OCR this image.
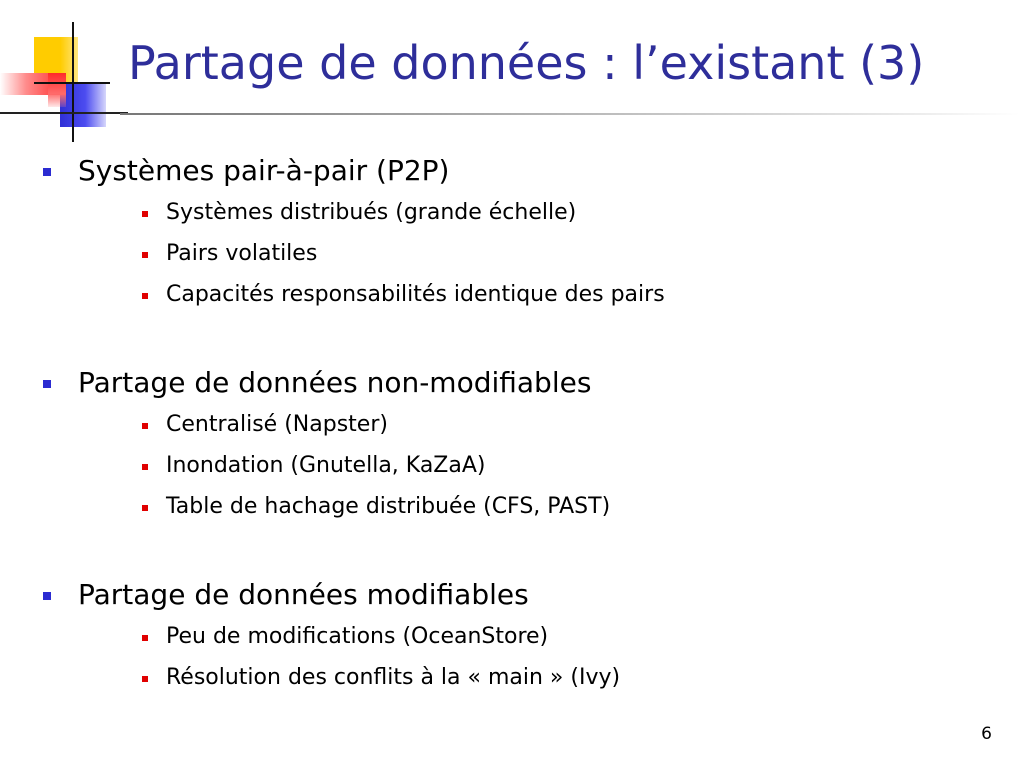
Partage de données : l’existant (3)
Systèmes pair-à-pair (P2P)
Systèmes distribués (grande échelle)
Pairs volatiles
Capacités responsabilités identique des pairs
Partage de données non-modifiables
Centralisé (Napster)
Inondation (Gnutella, KaZaA)
Table de hachage distribuée (CFS, PAST)
Partage de données modifiables
Peu de modifications (OceanStore)
Résolution des conflits à la « main » (Ivy)
6
